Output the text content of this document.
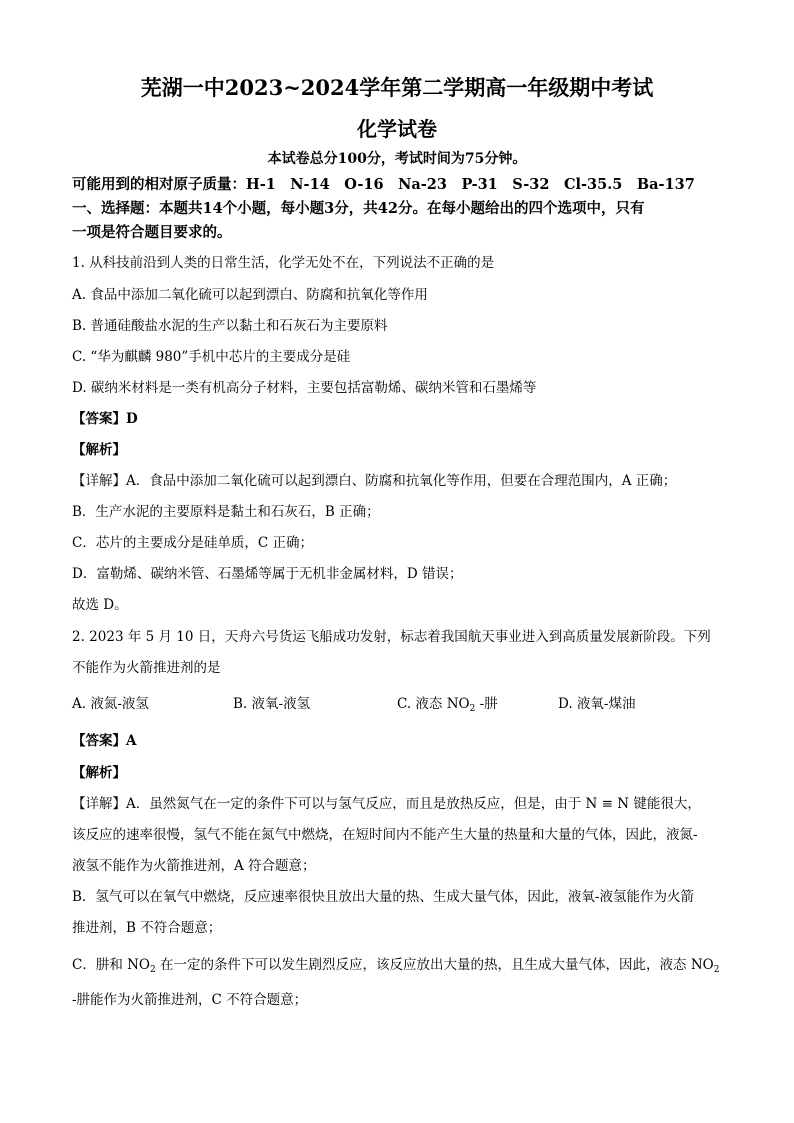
芜湖一中2023~2024学年第二学期高一年级期中考试
化学试卷
本试卷总分100分，考试时间为75分钟。
可能用到的相对原子质量：H-1　N-14　O-16　Na-23　P-31　S-32　Cl-35.5　Ba-137
一、选择题：本题共14个小题，每小题3分，共42分。在每小题给出的四个选项中，只有
一项是符合题目要求的。
1. 从科技前沿到人类的日常生活，化学无处不在，下列说法不正确的是
A. 食品中添加二氧化硫可以起到漂白、防腐和抗氧化等作用
B. 普通硅酸盐水泥的生产以黏土和石灰石为主要原料
C. “华为麒麟 980”手机中芯片的主要成分是硅
D. 碳纳米材料是一类有机高分子材料，主要包括富勒烯、碳纳米管和石墨烯等
【答案】D
【解析】
【详解】A．食品中添加二氧化硫可以起到漂白、防腐和抗氧化等作用，但要在合理范围内，A 正确；
B．生产水泥的主要原料是黏土和石灰石，B 正确；
C．芯片的主要成分是硅单质，C 正确；
D．富勒烯、碳纳米管、石墨烯等属于无机非金属材料，D 错误；
故选 D。
2. 2023 年 5 月 10 日，天舟六号货运飞船成功发射，标志着我国航天事业进入到高质量发展新阶段。下列
不能作为火箭推进剂的是
A. 液氮-液氢	B. 液氧-液氢	C. 液态 $NO_2$ -肼	D. 液氧-煤油
【答案】A
【解析】
【详解】A．虽然氮气在一定的条件下可以与氢气反应，而且是放热反应，但是，由于 N ≡ N 键能很大，
该反应的速率很慢，氢气不能在氮气中燃烧，在短时间内不能产生大量的热量和大量的气体，因此，液氮-
液氢不能作为火箭推进剂，A 符合题意；
B．氢气可以在氧气中燃烧，反应速率很快且放出大量的热、生成大量气体，因此，液氧-液氢能作为火箭
推进剂，B 不符合题意；
C．肼和 $NO_2$ 在一定的条件下可以发生剧烈反应，该反应放出大量的热，且生成大量气体，因此，液态 $NO_2$
-肼能作为火箭推进剂，C 不符合题意；
